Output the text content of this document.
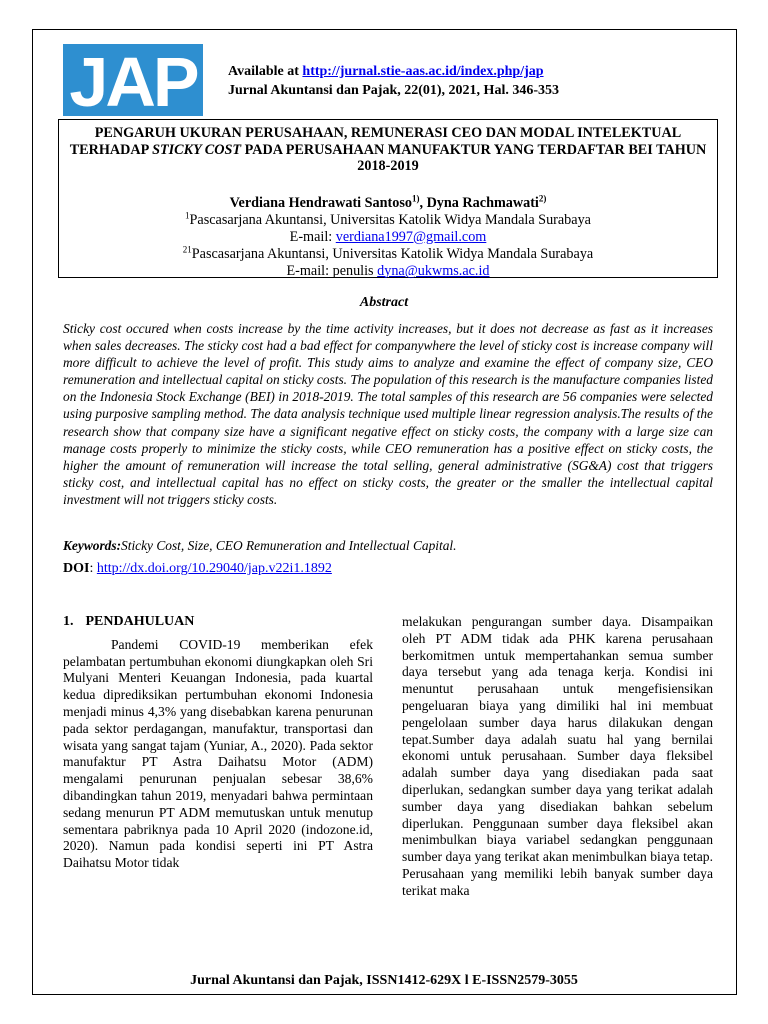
JAP Available at http://jurnal.stie-aas.ac.id/index.php/jap
Jurnal Akuntansi dan Pajak, 22(01), 2021, Hal. 346-353
PENGARUH UKURAN PERUSAHAAN, REMUNERASI CEO DAN MODAL INTELEKTUAL TERHADAP STICKY COST PADA PERUSAHAAN MANUFAKTUR YANG TERDAFTAR BEI TAHUN 2018-2019
Verdiana Hendrawati Santoso$^{1)}$, Dyna Rachmawati$^{2)}$
$^1$Pascasarjana Akuntansi, Universitas Katolik Widya Mandala Surabaya
E-mail: verdiana1997@gmail.com
$^{21}$Pascasarjana Akuntansi, Universitas Katolik Widya Mandala Surabaya
E-mail: penulis dyna@ukwms.ac.id
Abstract
Sticky cost occured when costs increase by the time activity increases, but it does not decrease as fast as it increases when sales decreases. The sticky cost had a bad effect for companywhere the level of sticky cost is increase company will more difficult to achieve the level of profit. This study aims to analyze and examine the effect of company size, CEO remuneration and intellectual capital on sticky costs. The population of this research is the manufacture companies listed on the Indonesia Stock Exchange (BEI) in 2018-2019. The total samples of this research are 56 companies were selected using purposive sampling method. The data analysis technique used multiple linear regression analysis.The results of the research show that company size have a significant negative effect on sticky costs, the company with a large size can manage costs properly to minimize the sticky costs, while CEO remuneration has a positive effect on sticky costs, the higher the amount of remuneration will increase the total selling, general administrative (SG&A) cost that triggers sticky cost, and intellectual capital has no effect on sticky costs, the greater or the smaller the intellectual capital investment will not triggers sticky costs.
Keywords:Sticky Cost, Size, CEO Remuneration and Intellectual Capital.
DOI: http://dx.doi.org/10.29040/jap.v22i1.1892
1. PENDAHULUAN

Pandemi COVID-19 memberikan efek pelambatan pertumbuhan ekonomi diungkapkan oleh Sri Mulyani Menteri Keuangan Indonesia, pada kuartal kedua diprediksikan pertumbuhan ekonomi Indonesia menjadi minus 4,3% yang disebabkan karena penurunan pada sektor perdagangan, manufaktur, transportasi dan wisata yang sangat tajam (Yuniar, A., 2020). Pada sektor manufaktur PT Astra Daihatsu Motor (ADM) mengalami penurunan penjualan sebesar 38,6% dibandingkan tahun 2019, menyadari bahwa permintaan sedang menurun PT ADM memutuskan untuk menutup sementara pabriknya pada 10 April 2020 (indozone.id, 2020). Namun pada kondisi seperti ini PT Astra Daihatsu Motor tidak

melakukan pengurangan sumber daya. Disampaikan oleh PT ADM tidak ada PHK karena perusahaan berkomitmen untuk mempertahankan semua sumber daya tersebut yang ada tenaga kerja. Kondisi ini menuntut perusahaan untuk mengefisiensikan pengeluaran biaya yang dimiliki hal ini membuat pengelolaan sumber daya harus dilakukan dengan tepat.Sumber daya adalah suatu hal yang bernilai ekonomi untuk perusahaan. Sumber daya fleksibel adalah sumber daya yang disediakan pada saat diperlukan, sedangkan sumber daya yang terikat adalah sumber daya yang disediakan bahkan sebelum diperlukan. Penggunaan sumber daya fleksibel akan menimbulkan biaya variabel sedangkan penggunaan sumber daya yang terikat akan menimbulkan biaya tetap. Perusahaan yang memiliki lebih banyak sumber daya terikat maka

Jurnal Akuntansi dan Pajak, ISSN1412-629X l E-ISSN2579-3055
